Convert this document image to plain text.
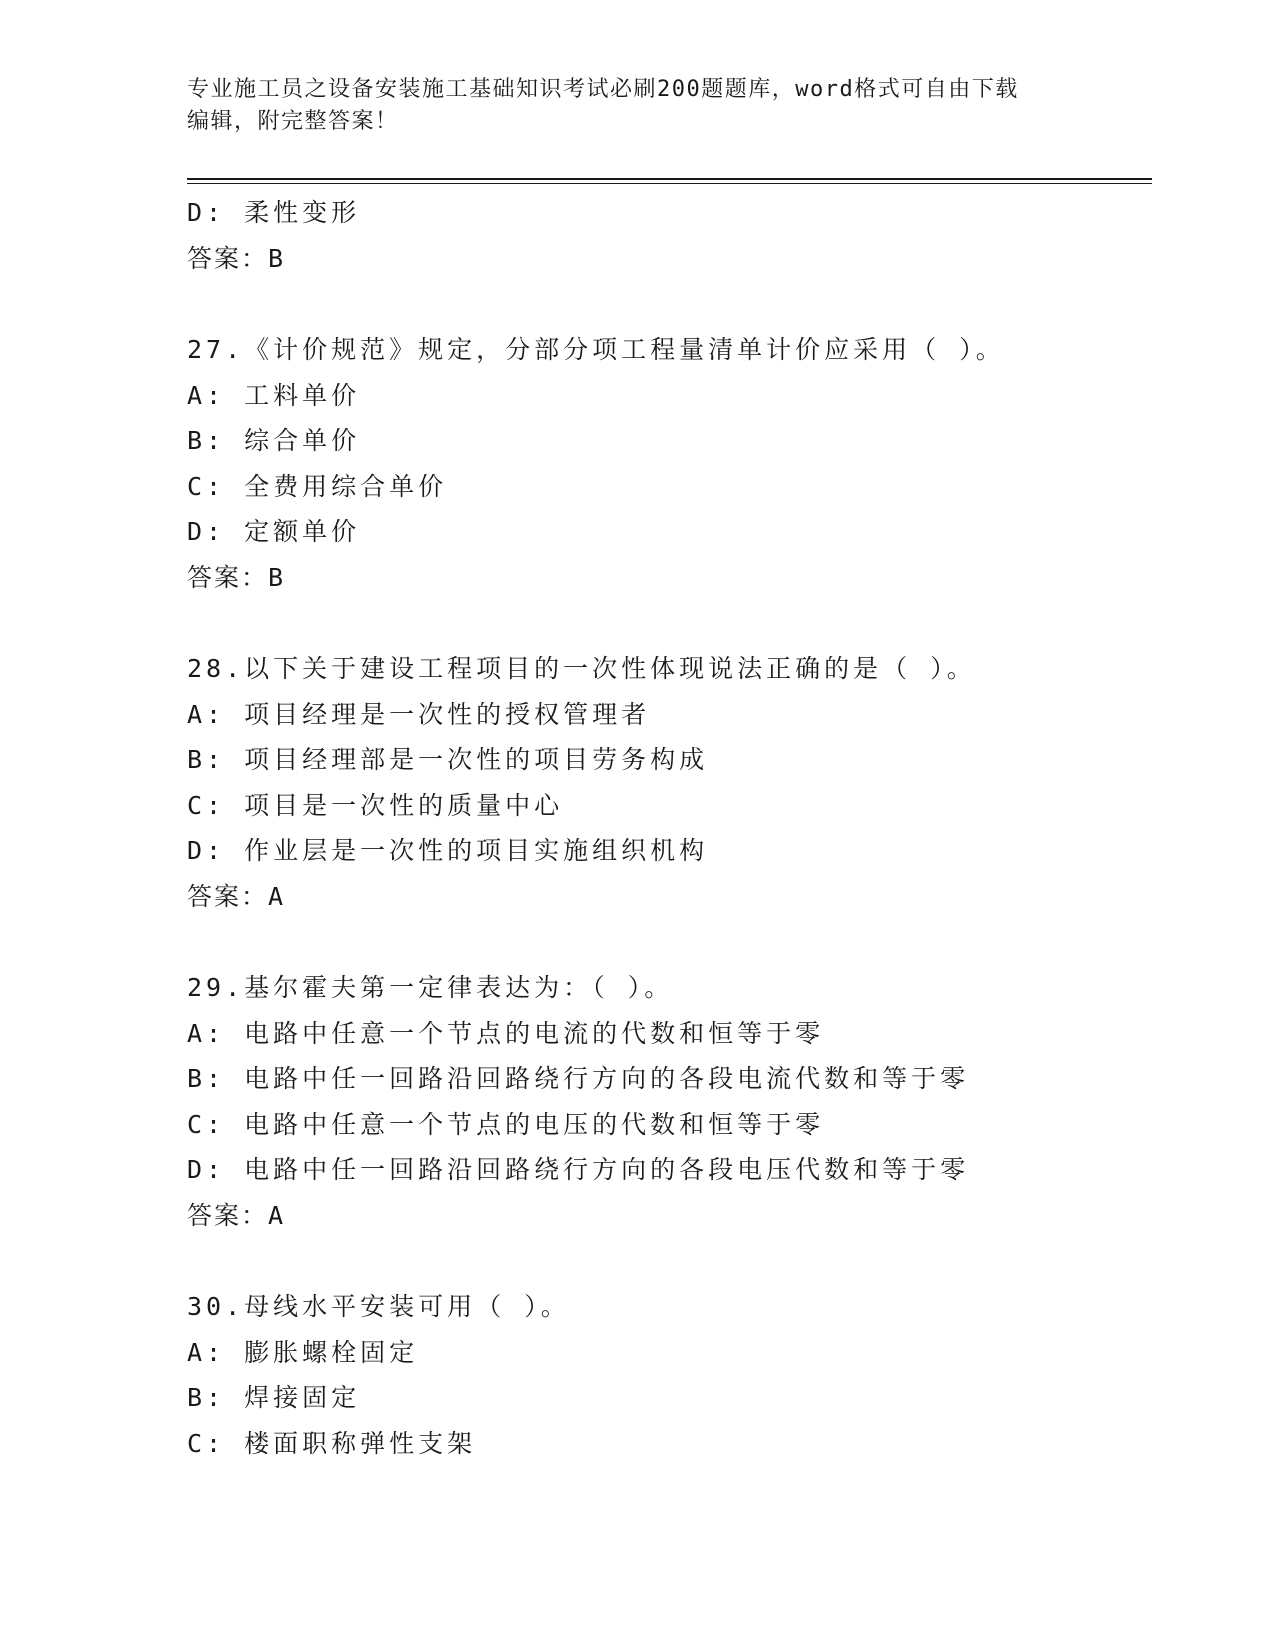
专业施工员之设备安装施工基础知识考试必刷200题题库，word格式可自由下载
编辑，附完整答案！
D: 柔性变形
答案：B
27.《计价规范》规定，分部分项工程量清单计价应采用（ ）。
A: 工料单价
B: 综合单价
C: 全费用综合单价
D: 定额单价
答案：B
28.以下关于建设工程项目的一次性体现说法正确的是（ ）。
A: 项目经理是一次性的授权管理者
B: 项目经理部是一次性的项目劳务构成
C: 项目是一次性的质量中心
D: 作业层是一次性的项目实施组织机构
答案：A
29.基尔霍夫第一定律表达为：（ ）。
A: 电路中任意一个节点的电流的代数和恒等于零
B: 电路中任一回路沿回路绕行方向的各段电流代数和等于零
C: 电路中任意一个节点的电压的代数和恒等于零
D: 电路中任一回路沿回路绕行方向的各段电压代数和等于零
答案：A
30.母线水平安装可用（ ）。
A: 膨胀螺栓固定
B: 焊接固定
C: 楼面职称弹性支架
